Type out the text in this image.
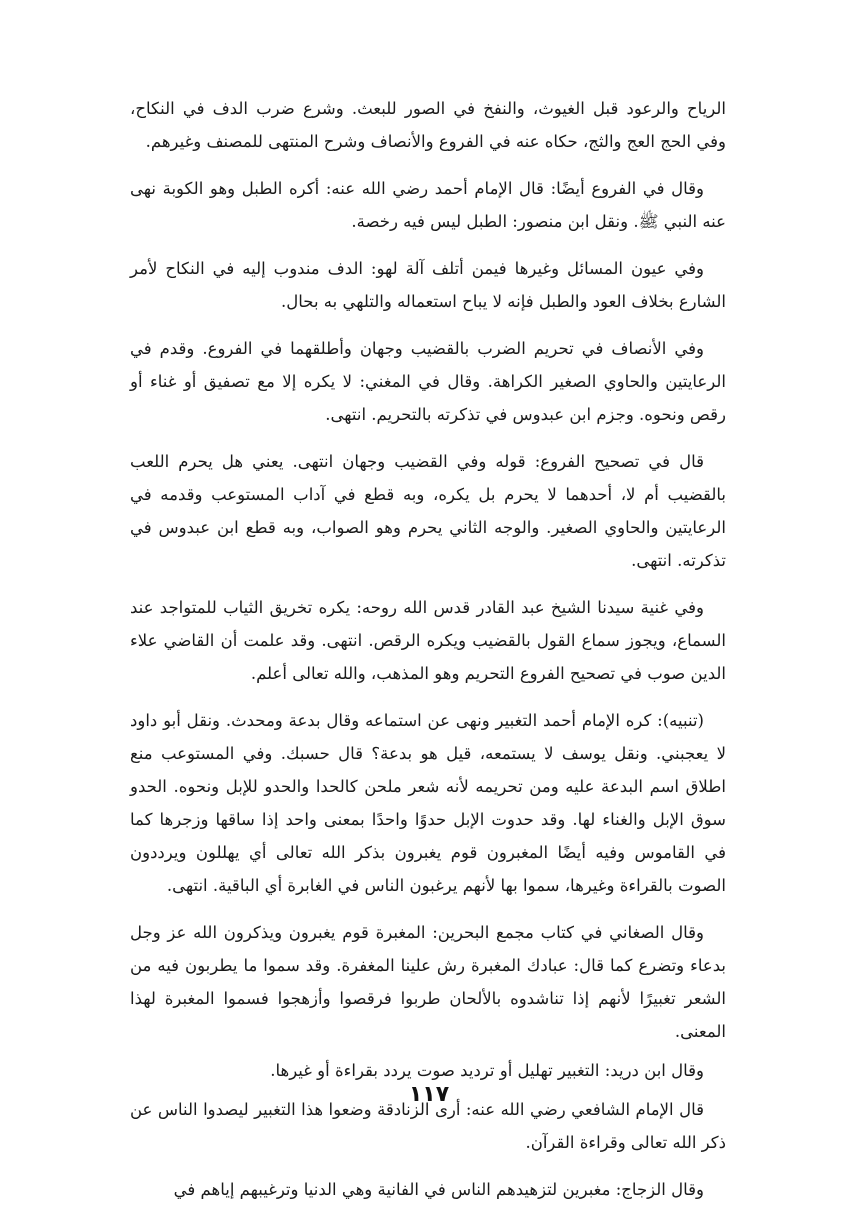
الرياح والرعود قبل الغيوث، والنفخ في الصور للبعث. وشرع ضرب الدف في النكاح، وفي الحج العج والثج، حكاه عنه في الفروع والأنصاف وشرح المنتهى للمصنف وغيرهم.

وقال في الفروع أيضًا: قال الإمام أحمد رضي الله عنه: أكره الطبل وهو الكوبة نهى عنه النبي ﷺ. ونقل ابن منصور: الطبل ليس فيه رخصة.

وفي عيون المسائل وغيرها فيمن أتلف آلة لهو: الدف مندوب إليه في النكاح لأمر الشارع بخلاف العود والطبل فإنه لا يباح استعماله والتلهي به بحال.

وفي الأنصاف في تحريم الضرب بالقضيب وجهان وأطلقهما في الفروع. وقدم في الرعايتين والحاوي الصغير الكراهة. وقال في المغني: لا يكره إلا مع تصفيق أو غناء أو رقص ونحوه. وجزم ابن عبدوس في تذكرته بالتحريم. انتهى.

قال في تصحيح الفروع: قوله وفي القضيب وجهان انتهى. يعني هل يحرم اللعب بالقضيب أم لا، أحدهما لا يحرم بل يكره، وبه قطع في آداب المستوعب وقدمه في الرعايتين والحاوي الصغير. والوجه الثاني يحرم وهو الصواب، وبه قطع ابن عبدوس في تذكرته. انتهى.

وفي غنية سيدنا الشيخ عبد القادر قدس الله روحه: يكره تخريق الثياب للمتواجد عند السماع، ويجوز سماع القول بالقضيب ويكره الرقص. انتهى. وقد علمت أن القاضي علاء الدين صوب في تصحيح الفروع التحريم وهو المذهب، والله تعالى أعلم.

(تنبيه): كره الإمام أحمد التغبير ونهى عن استماعه وقال بدعة ومحدث. ونقل أبو داود لا يعجبني. ونقل يوسف لا يستمعه، قيل هو بدعة؟ قال حسبك. وفي المستوعب منع اطلاق اسم البدعة عليه ومن تحريمه لأنه شعر ملحن كالحدا والحدو للإبل ونحوه. الحدو سوق الإبل والغناء لها. وقد حدوت الإبل حدوًا واحدًا بمعنى واحد إذا ساقها وزجرها كما في القاموس وفيه أيضًا المغبرون قوم يغبرون بذكر الله تعالى أي يهللون ويرددون الصوت بالقراءة وغيرها، سموا بها لأنهم يرغبون الناس في الغابرة أي الباقية. انتهى.

وقال الصغاني في كتاب مجمع البحرين: المغبرة قوم يغبرون ويذكرون الله عز وجل بدعاء وتضرع كما قال: عبادك المغبرة رش علينا المغفرة. وقد سموا ما يطربون فيه من الشعر تغبيرًا لأنهم إذا تناشدوه بالألحان طربوا فرقصوا وأزهجوا فسموا المغبرة لهذا المعنى.

وقال ابن دريد: التغبير تهليل أو ترديد صوت يردد بقراءة أو غيرها.

قال الإمام الشافعي رضي الله عنه: أرى الزنادقة وضعوا هذا التغبير ليصدوا الناس عن ذكر الله تعالى وقراءة القرآن.

وقال الزجاج: مغبرين لتزهيدهم الناس في الفانية وهي الدنيا وترغيبهم إياهم في

١١٧
